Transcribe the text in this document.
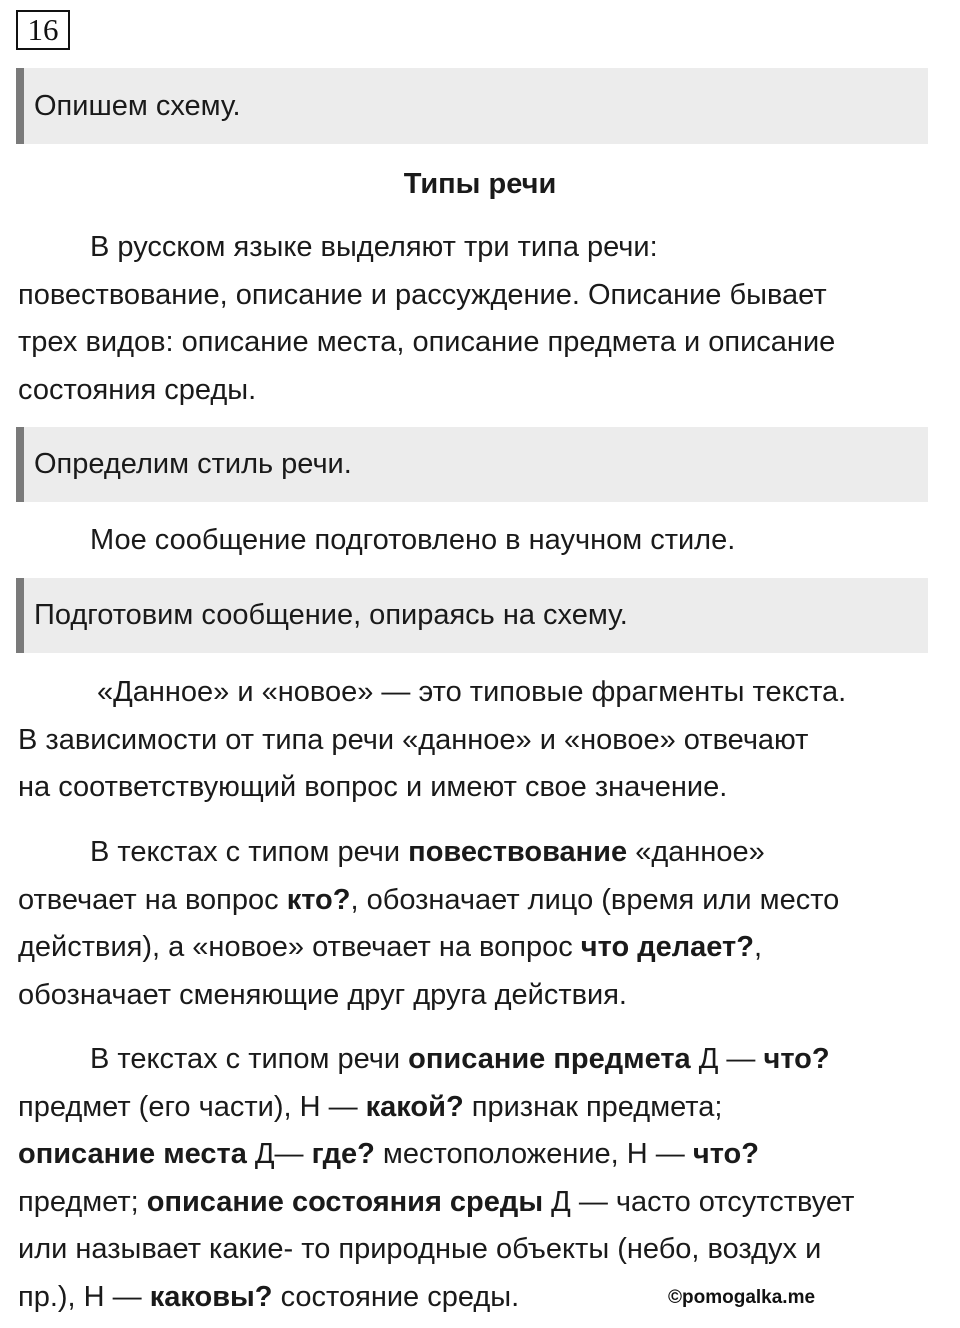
16
Опишем схему.
Типы речи

В русском языке выделяют три типа речи:
повествование, описание и рассуждение. Описание бывает
трех видов: описание места, описание предмета и описание
состояния среды.

Определим стиль речи.

Мое сообщение подготовлено в научном стиле.

Подготовим сообщение, опираясь на схему.

«Данное» и «новое» — это типовые фрагменты текста.
В зависимости от типа речи «данное» и «новое» отвечают
на соответствующий вопрос и имеют свое значение.

В текстах с типом речи повествование «данное»
отвечает на вопрос кто?, обозначает лицо (время или место
действия), а «новое» отвечает на вопрос что делает?,
обозначает сменяющие друг друга действия.

В текстах с типом речи описание предмета Д — что?
предмет (его части), Н — какой? признак предмета;
описание места Д— где? местоположение, Н — что?
предмет; описание состояния среды Д — часто отсутствует
или называет какие- то природные объекты (небо, воздух и
пр.), Н — каковы? состояние среды.	©pomogalka.me
